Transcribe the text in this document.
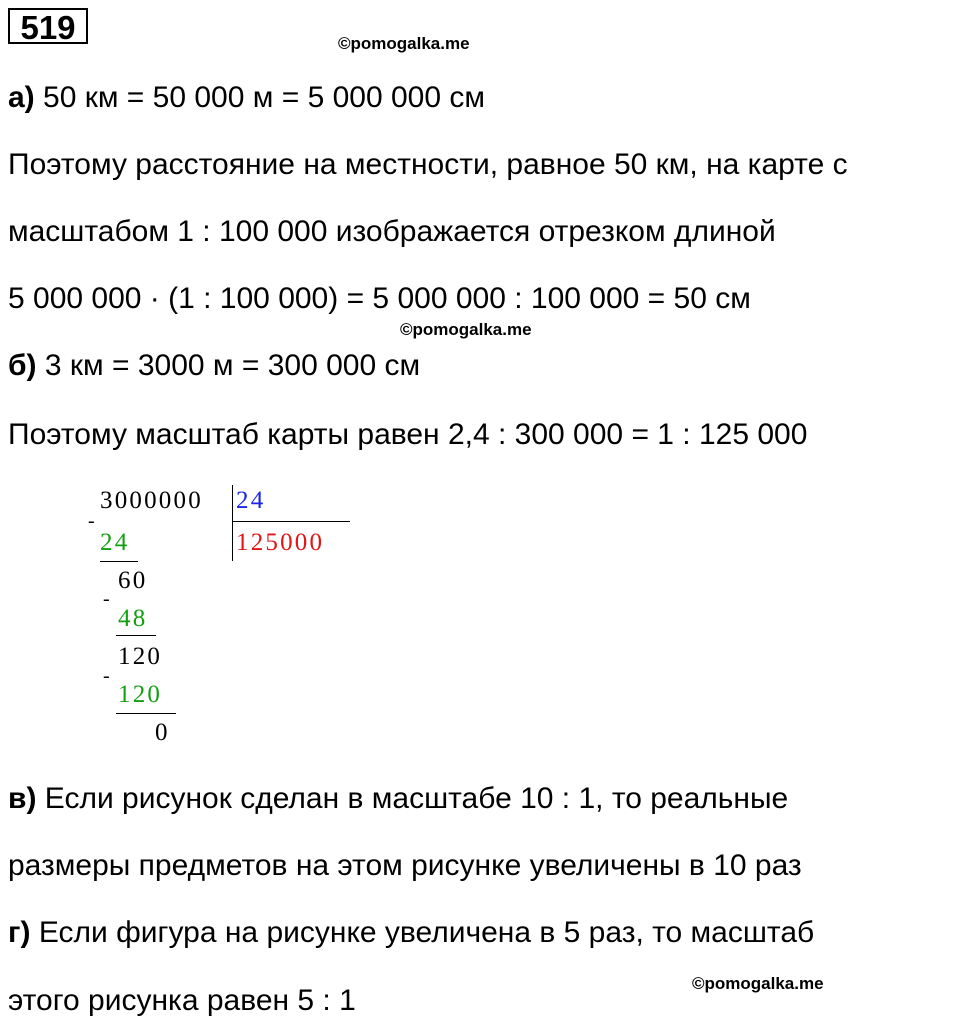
519	©pomogalka.me
а) 50 км = 50 000 м = 5 000 000 см
Поэтому расстояние на местности, равное 50 км, на карте с
масштабом 1 : 100 000 изображается отрезком длиной
5 000 000 · (1 : 100 000) = 5 000 000 : 100 000 = 50 см
©pomogalka.me
б) 3 км = 3000 м = 300 000 см
Поэтому масштаб карты равен 2,4 : 300 000 = 1 : 125 000
3000000 24
125000
-
24
60
-
48
120
-
120
0
в) Если рисунок сделан в масштабе 10 : 1, то реальные
размеры предметов на этом рисунке увеличены в 10 раз
г) Если фигура на рисунке увеличена в 5 раз, то масштаб
©pomogalka.me
этого рисунка равен 5 : 1
